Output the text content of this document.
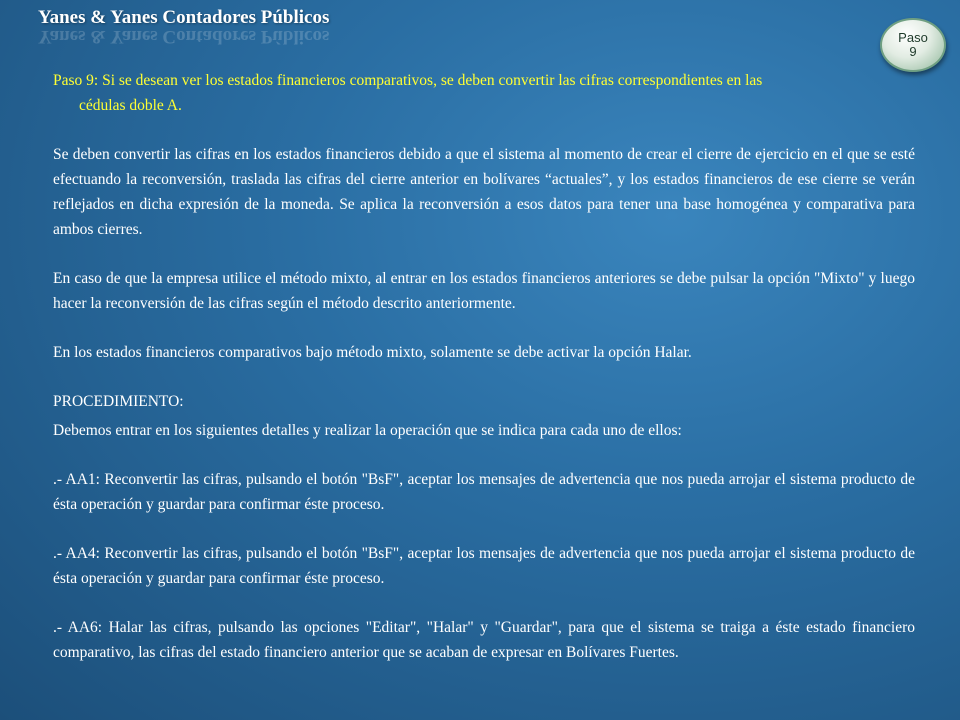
Yanes & Yanes Contadores Públicos
Yanes & Yanes Contadores Públicos	Paso
9

Paso 9: Si se desean ver los estados financieros comparativos, se deben convertir las cifras correspondientes en las
cédulas doble A.

Se deben convertir las cifras en los estados financieros debido a que el sistema al momento de crear el cierre de ejercicio en el que se esté efectuando la reconversión, traslada las cifras del cierre anterior en bolívares “actuales”, y los estados financieros de ese cierre se verán reflejados en dicha expresión de la moneda. Se aplica la reconversión a esos datos para tener una base homogénea y comparativa para ambos cierres.

En caso de que la empresa utilice el método mixto, al entrar en los estados financieros anteriores se debe pulsar la opción "Mixto" y luego hacer la reconversión de las cifras según el método descrito anteriormente.

En los estados financieros comparativos bajo método mixto, solamente se debe activar la opción Halar.

PROCEDIMIENTO:

Debemos entrar en los siguientes detalles y realizar la operación que se indica para cada uno de ellos:

.- AA1: Reconvertir las cifras, pulsando el botón "BsF", aceptar los mensajes de advertencia que nos pueda arrojar el sistema producto de ésta operación y guardar para confirmar éste proceso.

.- AA4: Reconvertir las cifras, pulsando el botón "BsF", aceptar los mensajes de advertencia que nos pueda arrojar el sistema producto de ésta operación y guardar para confirmar éste proceso.

.- AA6: Halar las cifras, pulsando las opciones "Editar", "Halar" y "Guardar", para que el sistema se traiga a éste estado financiero comparativo, las cifras del estado financiero anterior que se acaban de expresar en Bolívares Fuertes.
